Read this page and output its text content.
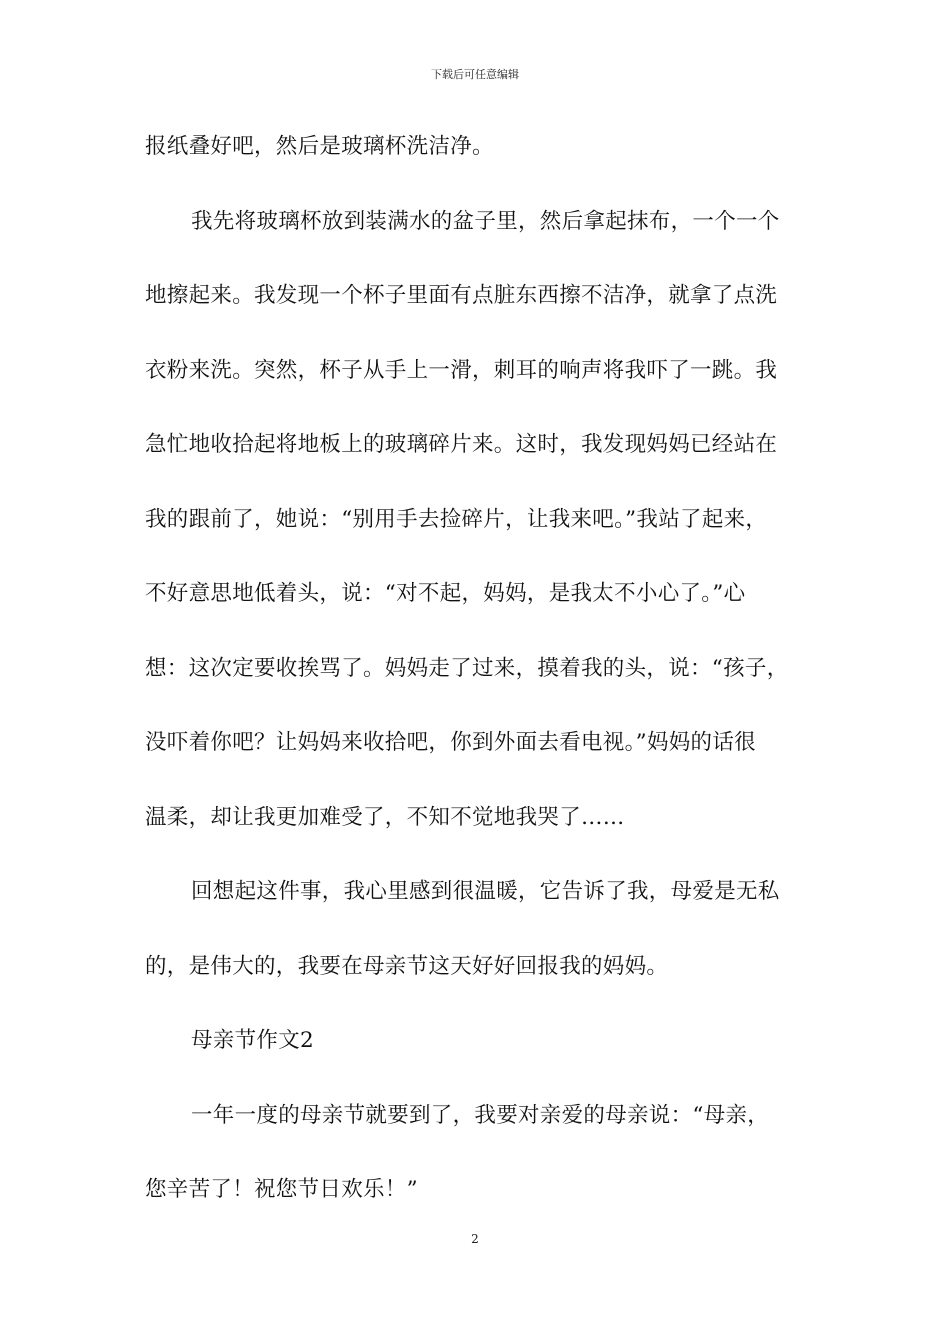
下载后可任意编辑
报纸叠好吧，然后是玻璃杯洗洁净。
我先将玻璃杯放到装满水的盆子里，然后拿起抹布，一个一个
地擦起来。我发现一个杯子里面有点脏东西擦不洁净，就拿了点洗
衣粉来洗。突然，杯子从手上一滑，刺耳的响声将我吓了一跳。我
急忙地收拾起将地板上的玻璃碎片来。这时，我发现妈妈已经站在
我的跟前了，她说：“别用手去捡碎片，让我来吧。”我站了起来，
不好意思地低着头，说：“对不起，妈妈，是我太不小心了。”心
想：这次定要收挨骂了。妈妈走了过来，摸着我的头，说：“孩子，
没吓着你吧？让妈妈来收拾吧，你到外面去看电视。”妈妈的话很
温柔，却让我更加难受了，不知不觉地我哭了……
回想起这件事，我心里感到很温暖，它告诉了我，母爱是无私
的，是伟大的，我要在母亲节这天好好回报我的妈妈。
母亲节作文2
一年一度的母亲节就要到了，我要对亲爱的母亲说：“母亲，
您辛苦了！祝您节日欢乐！”
2
